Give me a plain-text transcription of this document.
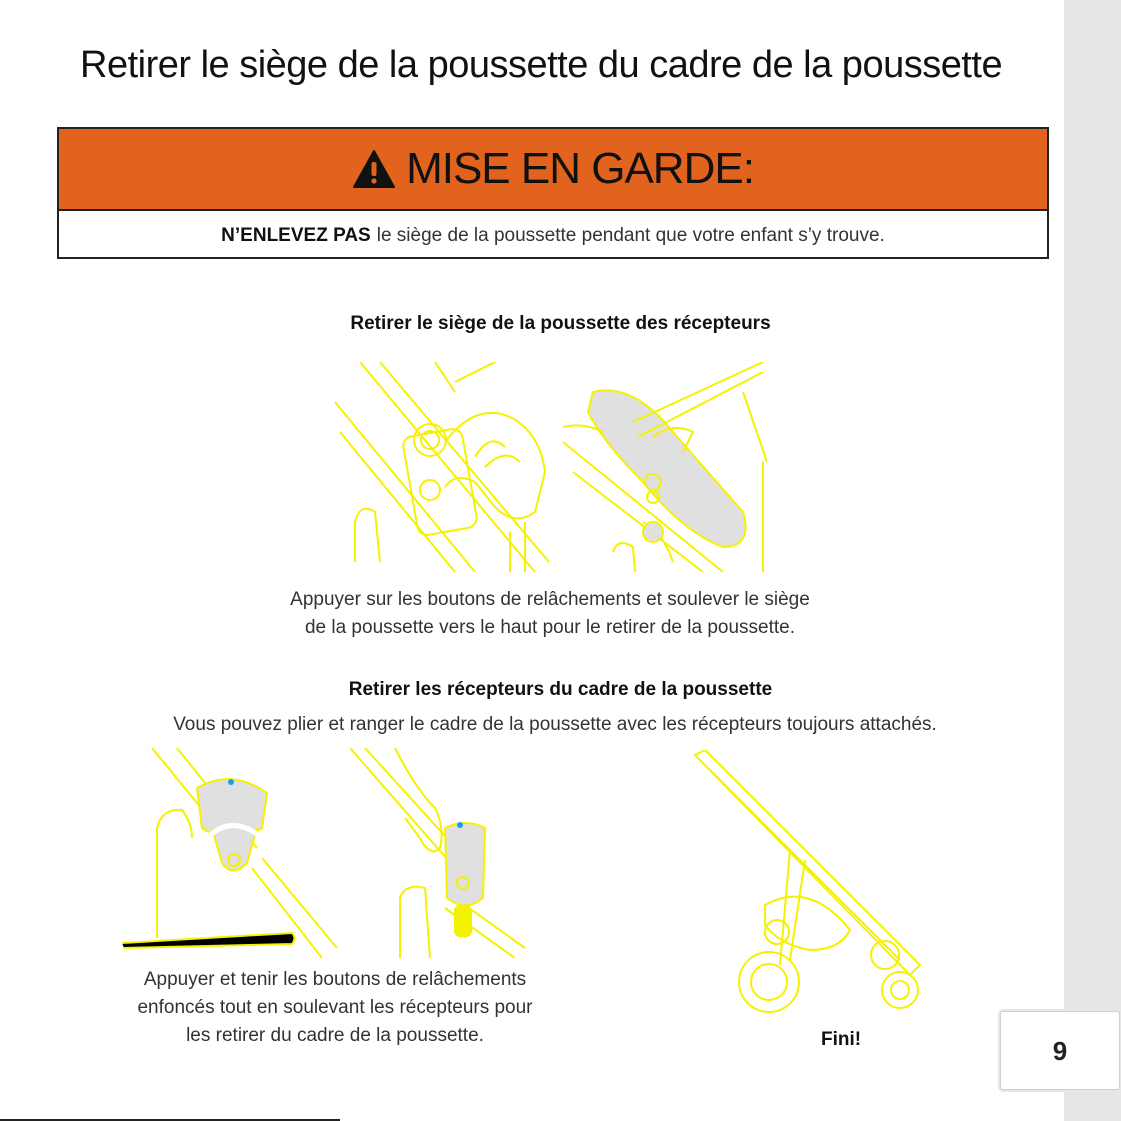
9
Retirer le siège de la poussette du cadre de la poussette
MISE EN GARDE:
N’ENLEVEZ PAS le siège de la poussette pendant que votre enfant s’y trouve.
Retirer le siège de la poussette des récepteurs
Appuyer sur les boutons de relâchements et soulever le siège
de la poussette vers le haut pour le retirer de la poussette.
Retirer les récepteurs du cadre de la poussette
Vous pouvez plier et ranger le cadre de la poussette avec les récepteurs toujours attachés.
Appuyer et tenir les boutons de relâchements
enfoncés tout en soulevant les récepteurs pour
les retirer du cadre de la poussette.	Fini!
